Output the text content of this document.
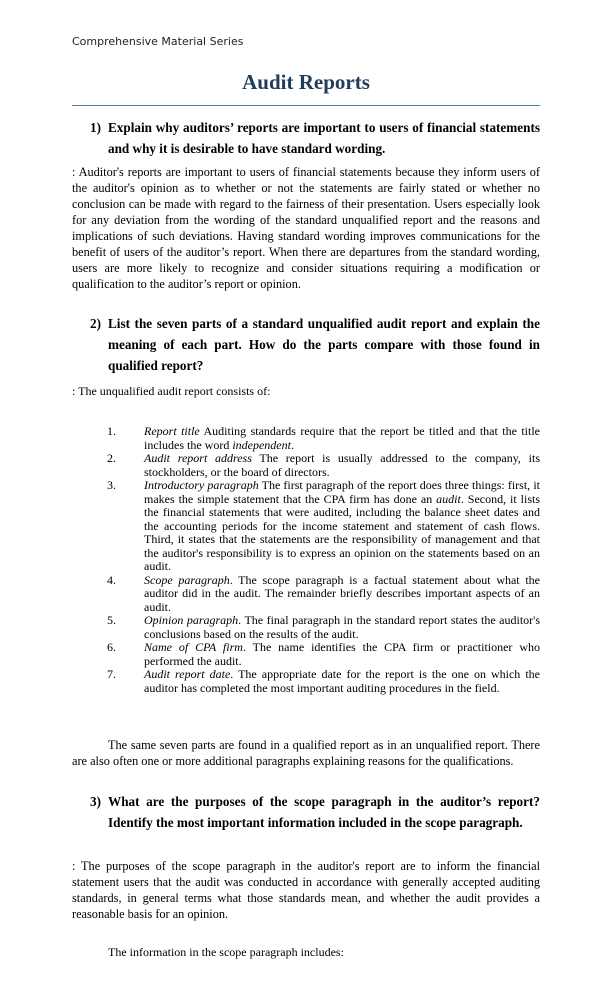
Comprehensive Material Series
Audit Reports
1) Explain why auditors’ reports are important to users of financial statements and why it is desirable to have standard wording.
: Auditor's reports are important to users of financial statements because they inform users of the auditor's opinion as to whether or not the statements are fairly stated or whether no conclusion can be made with regard to the fairness of their presentation. Users especially look for any deviation from the wording of the standard unqualified report and the reasons and implications of such deviations. Having standard wording improves communications for the benefit of users of the auditor’s report. When there are departures from the standard wording, users are more likely to recognize and consider situations requiring a modification or qualification to the auditor’s report or opinion.
2) List the seven parts of a standard unqualified audit report and explain the meaning of each part. How do the parts compare with those found in qualified report?
: The unqualified audit report consists of:
1. Report title Auditing standards require that the report be titled and that the title includes the word independent.
2. Audit report address The report is usually addressed to the company, its stockholders, or the board of directors.
3. Introductory paragraph The first paragraph of the report does three things: first, it makes the simple statement that the CPA firm has done an audit. Second, it lists the financial statements that were audited, including the balance sheet dates and the accounting periods for the income statement and statement of cash flows. Third, it states that the statements are the responsibility of management and that the auditor's responsibility is to express an opinion on the statements based on an audit.
4. Scope paragraph. The scope paragraph is a factual statement about what the auditor did in the audit. The remainder briefly describes important aspects of an audit.
5. Opinion paragraph. The final paragraph in the standard report states the auditor's conclusions based on the results of the audit.
6. Name of CPA firm. The name identifies the CPA firm or practitioner who performed the audit.
7. Audit report date. The appropriate date for the report is the one on which the auditor has completed the most important auditing procedures in the field.
The same seven parts are found in a qualified report as in an unqualified report. There are also often one or more additional paragraphs explaining reasons for the qualifications.
3) What are the purposes of the scope paragraph in the auditor’s report? Identify the most important information included in the scope paragraph.
: The purposes of the scope paragraph in the auditor's report are to inform the financial statement users that the audit was conducted in accordance with generally accepted auditing standards, in general terms what those standards mean, and whether the audit provides a reasonable basis for an opinion.
The information in the scope paragraph includes:
